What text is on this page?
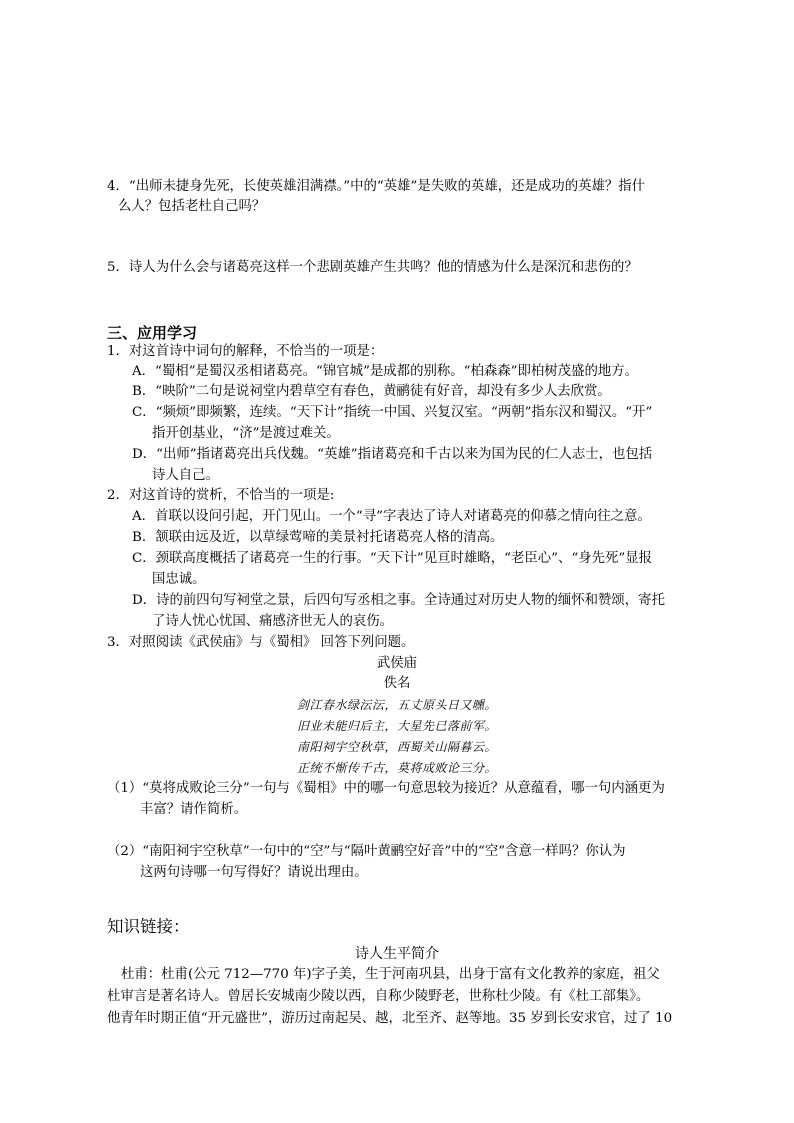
4．“出师未捷身先死，长使英雄泪满襟。”中的“英雄”是失败的英雄，还是成功的英雄？指什
么人？包括老杜自己吗？
5．诗人为什么会与诸葛亮这样一个悲剧英雄产生共鸣？他的情感为什么是深沉和悲伤的？
三、应用学习
1．对这首诗中词句的解释，不恰当的一项是：
A．“蜀相”是蜀汉丞相诸葛亮。“锦官城”是成都的别称。“柏森森”即柏树茂盛的地方。
B．“映阶”二句是说祠堂内碧草空有春色，黄鹂徒有好音，却没有多少人去欣赏。
C．“频烦”即频繁，连续。“天下计”指统一中国、兴复汉室。“两朝”指东汉和蜀汉。“开”
指开创基业，“济”是渡过难关。
D．“出师”指诸葛亮出兵伐魏。“英雄”指诸葛亮和千古以来为国为民的仁人志士，也包括
诗人自己。
2．对这首诗的赏析，不恰当的一项是:
A．首联以设问引起，开门见山。一个“寻”字表达了诗人对诸葛亮的仰慕之情向往之意。
B．颔联由远及近，以草绿莺啼的美景衬托诸葛亮人格的清高。
C．颈联高度概括了诸葛亮一生的行事。“天下计”见亘时雄略，“老臣心”、“身先死”显报
国忠诚。
D．诗的前四句写祠堂之景，后四句写丞相之事。全诗通过对历史人物的缅怀和赞颂，寄托
了诗人忧心忧国、痛感济世无人的哀伤。
3．对照阅读《武侯庙》与《蜀相》 回答下列问题。
武侯庙
佚名
剑江春水绿沄沄，五丈原头日又曛。
旧业未能归后主，大星先已落前军。
南阳祠宇空秋草，西蜀关山隔暮云。
正统不惭传千古，莫将成败论三分。
（1）“莫将成败论三分”一句与《蜀相》中的哪一句意思较为接近？从意蕴看，哪一句内涵更为
丰富？请作简析。
（2）“南阳祠宇空秋草”一句中的“空”与“隔叶黄鹂空好音”中的“空”含意一样吗？你认为
这两句诗哪一句写得好？请说出理由。
知识链接：
诗人生平简介
杜甫：杜甫(公元 712—770 年)字子美，生于河南巩县，出身于富有文化教养的家庭，祖父
杜审言是著名诗人。曾居长安城南少陵以西，自称少陵野老，世称杜少陵。有《杜工部集》。
他青年时期正值“开元盛世”，游历过南起吴、越，北至齐、赵等地。35 岁到长安求官，过了 10
